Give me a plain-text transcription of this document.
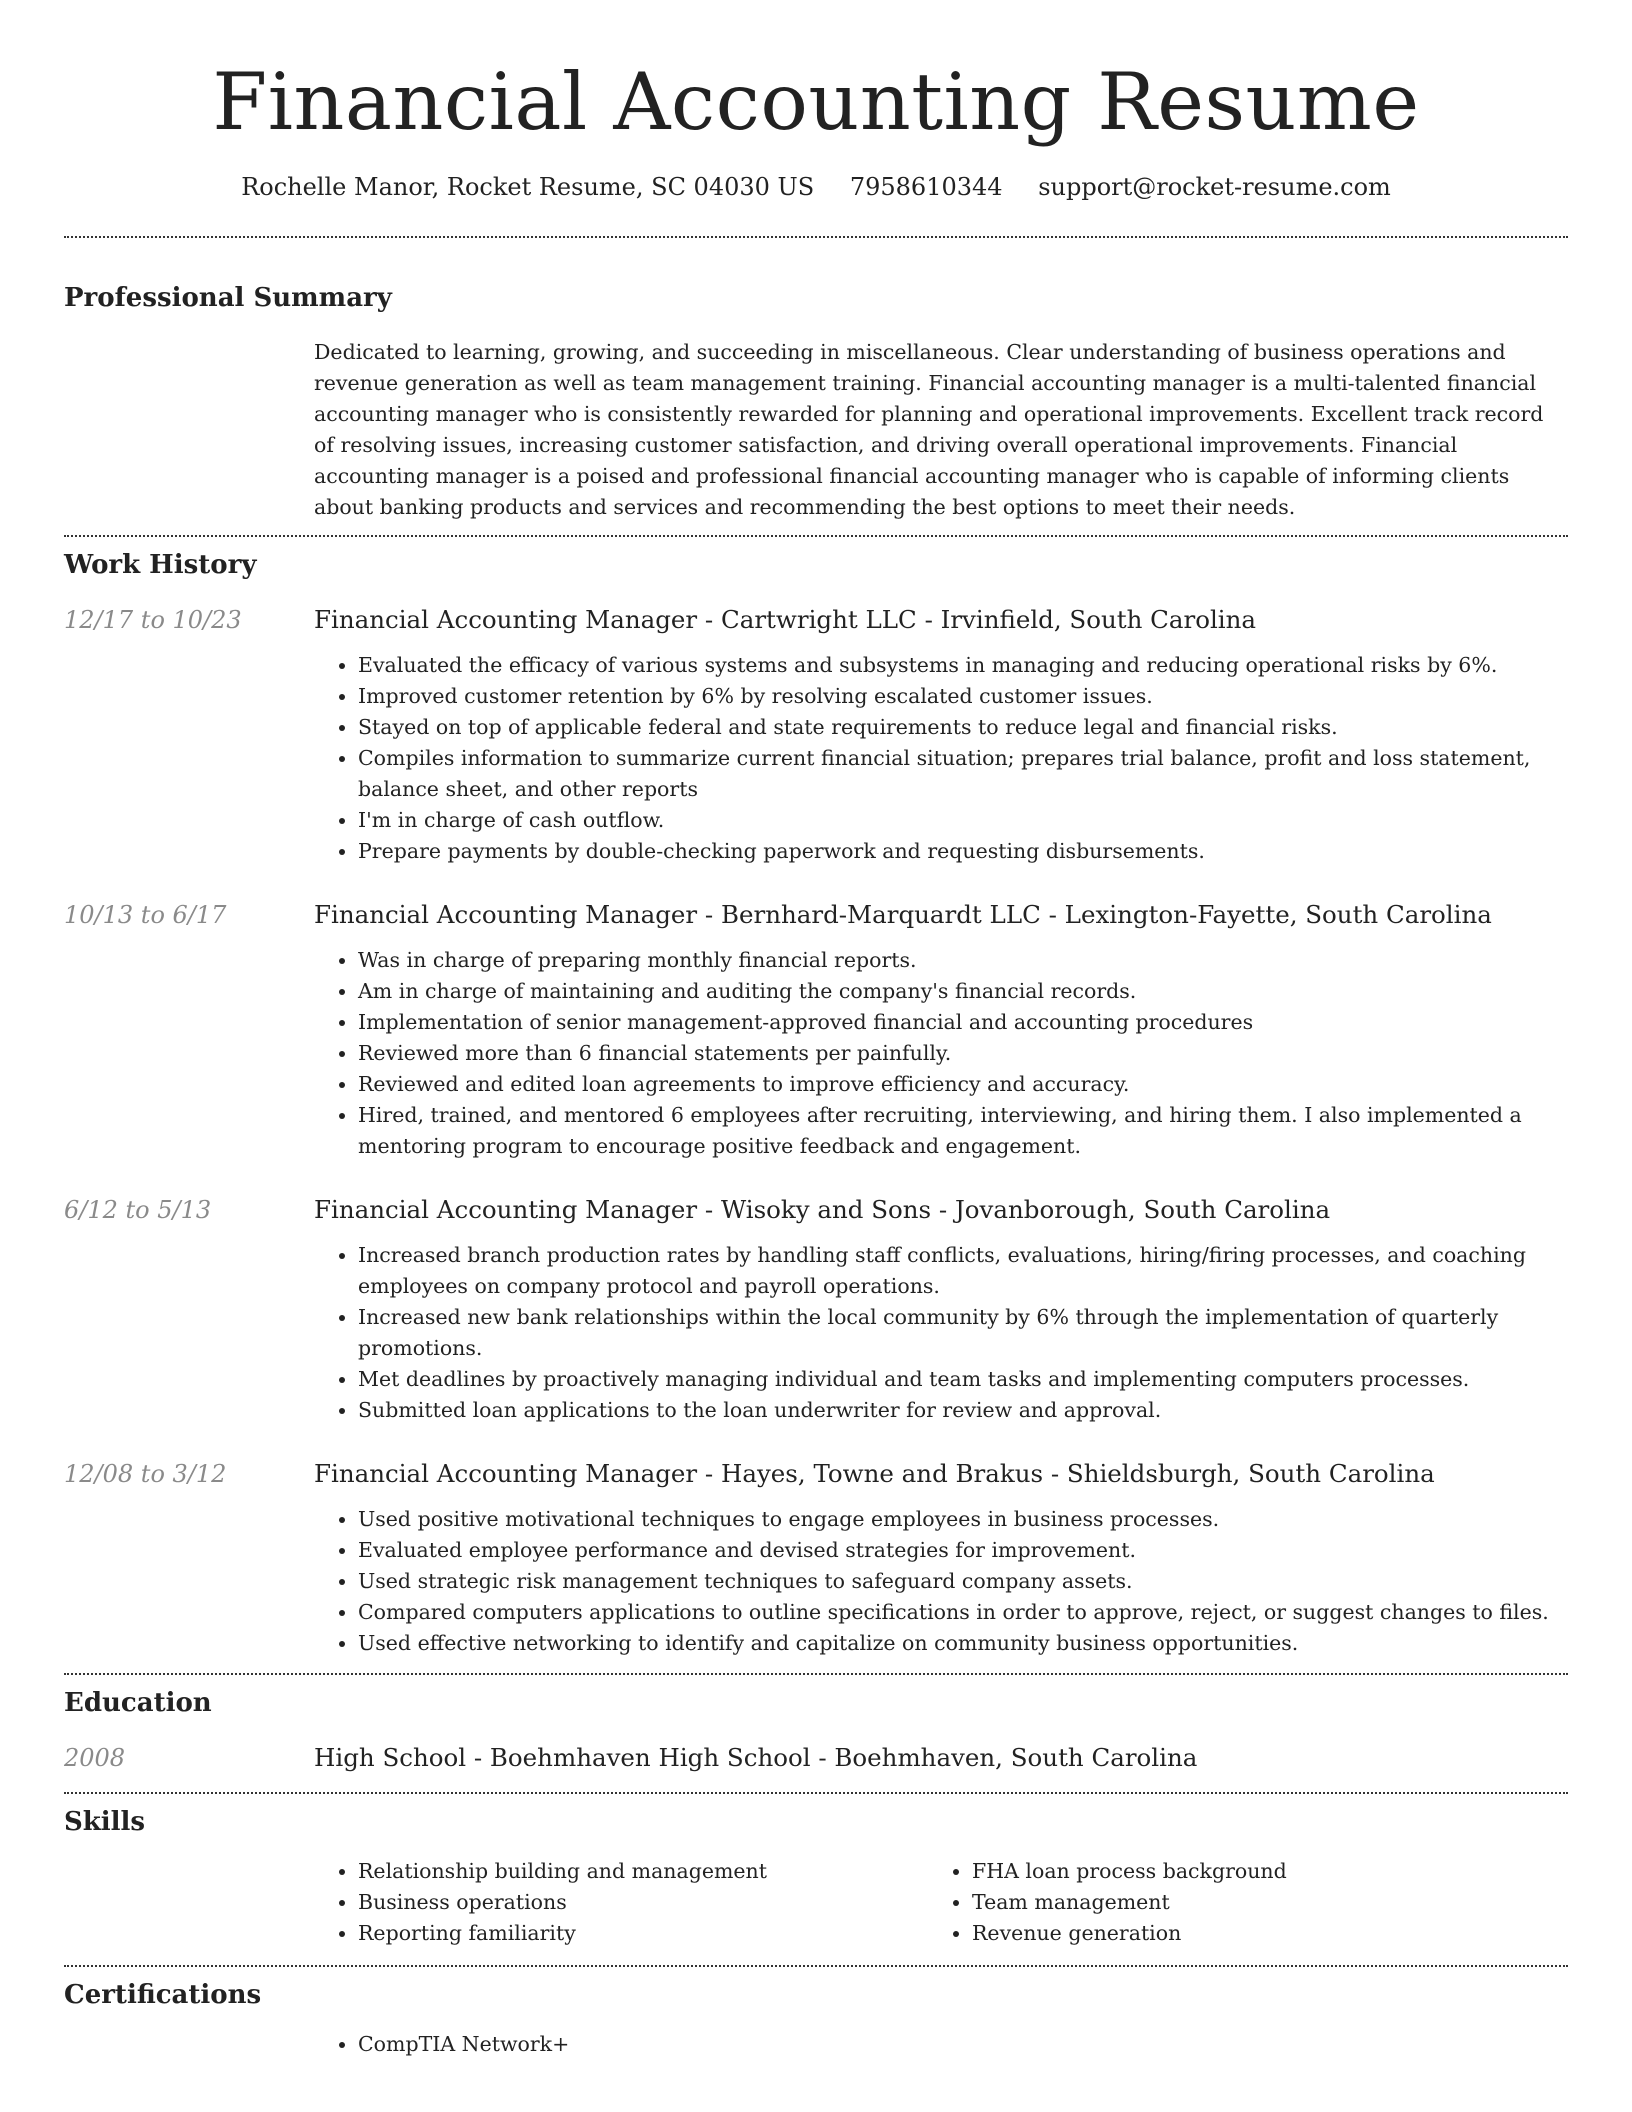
Financial Accounting Resume
Rochelle Manor, Rocket Resume, SC 04030 US 7958610344 support@rocket-resume.com
Professional Summary
Dedicated to learning, growing, and succeeding in miscellaneous. Clear understanding of business operations and revenue generation as well as team management training. Financial accounting manager is a multi-talented financial accounting manager who is consistently rewarded for planning and operational improvements. Excellent track record of resolving issues, increasing customer satisfaction, and driving overall operational improvements. Financial accounting manager is a poised and professional financial accounting manager who is capable of informing clients about banking products and services and recommending the best options to meet their needs.
Work History
12/17 to 10/23	Financial Accounting Manager - Cartwright LLC - Irvinfield, South Carolina
• Evaluated the efficacy of various systems and subsystems in managing and reducing operational risks by 6%.
• Improved customer retention by 6% by resolving escalated customer issues.
• Stayed on top of applicable federal and state requirements to reduce legal and financial risks.
• Compiles information to summarize current financial situation; prepares trial balance, profit and loss statement, balance sheet, and other reports
• I'm in charge of cash outflow.
• Prepare payments by double-checking paperwork and requesting disbursements.
10/13 to 6/17	Financial Accounting Manager - Bernhard-Marquardt LLC - Lexington-Fayette, South Carolina
• Was in charge of preparing monthly financial reports.
• Am in charge of maintaining and auditing the company's financial records.
• Implementation of senior management-approved financial and accounting procedures
• Reviewed more than 6 financial statements per painfully.
• Reviewed and edited loan agreements to improve efficiency and accuracy.
• Hired, trained, and mentored 6 employees after recruiting, interviewing, and hiring them. I also implemented a mentoring program to encourage positive feedback and engagement.
6/12 to 5/13	Financial Accounting Manager - Wisoky and Sons - Jovanborough, South Carolina
• Increased branch production rates by handling staff conflicts, evaluations, hiring/firing processes, and coaching employees on company protocol and payroll operations.
• Increased new bank relationships within the local community by 6% through the implementation of quarterly promotions.
• Met deadlines by proactively managing individual and team tasks and implementing computers processes.
• Submitted loan applications to the loan underwriter for review and approval.
12/08 to 3/12	Financial Accounting Manager - Hayes, Towne and Brakus - Shieldsburgh, South Carolina
• Used positive motivational techniques to engage employees in business processes.
• Evaluated employee performance and devised strategies for improvement.
• Used strategic risk management techniques to safeguard company assets.
• Compared computers applications to outline specifications in order to approve, reject, or suggest changes to files.
• Used effective networking to identify and capitalize on community business opportunities.
Education
2008	High School - Boehmhaven High School - Boehmhaven, South Carolina
Skills
• Relationship building and management
• Business operations
• Reporting familiarity
• FHA loan process background
• Team management
• Revenue generation
Certifications
• CompTIA Network+
